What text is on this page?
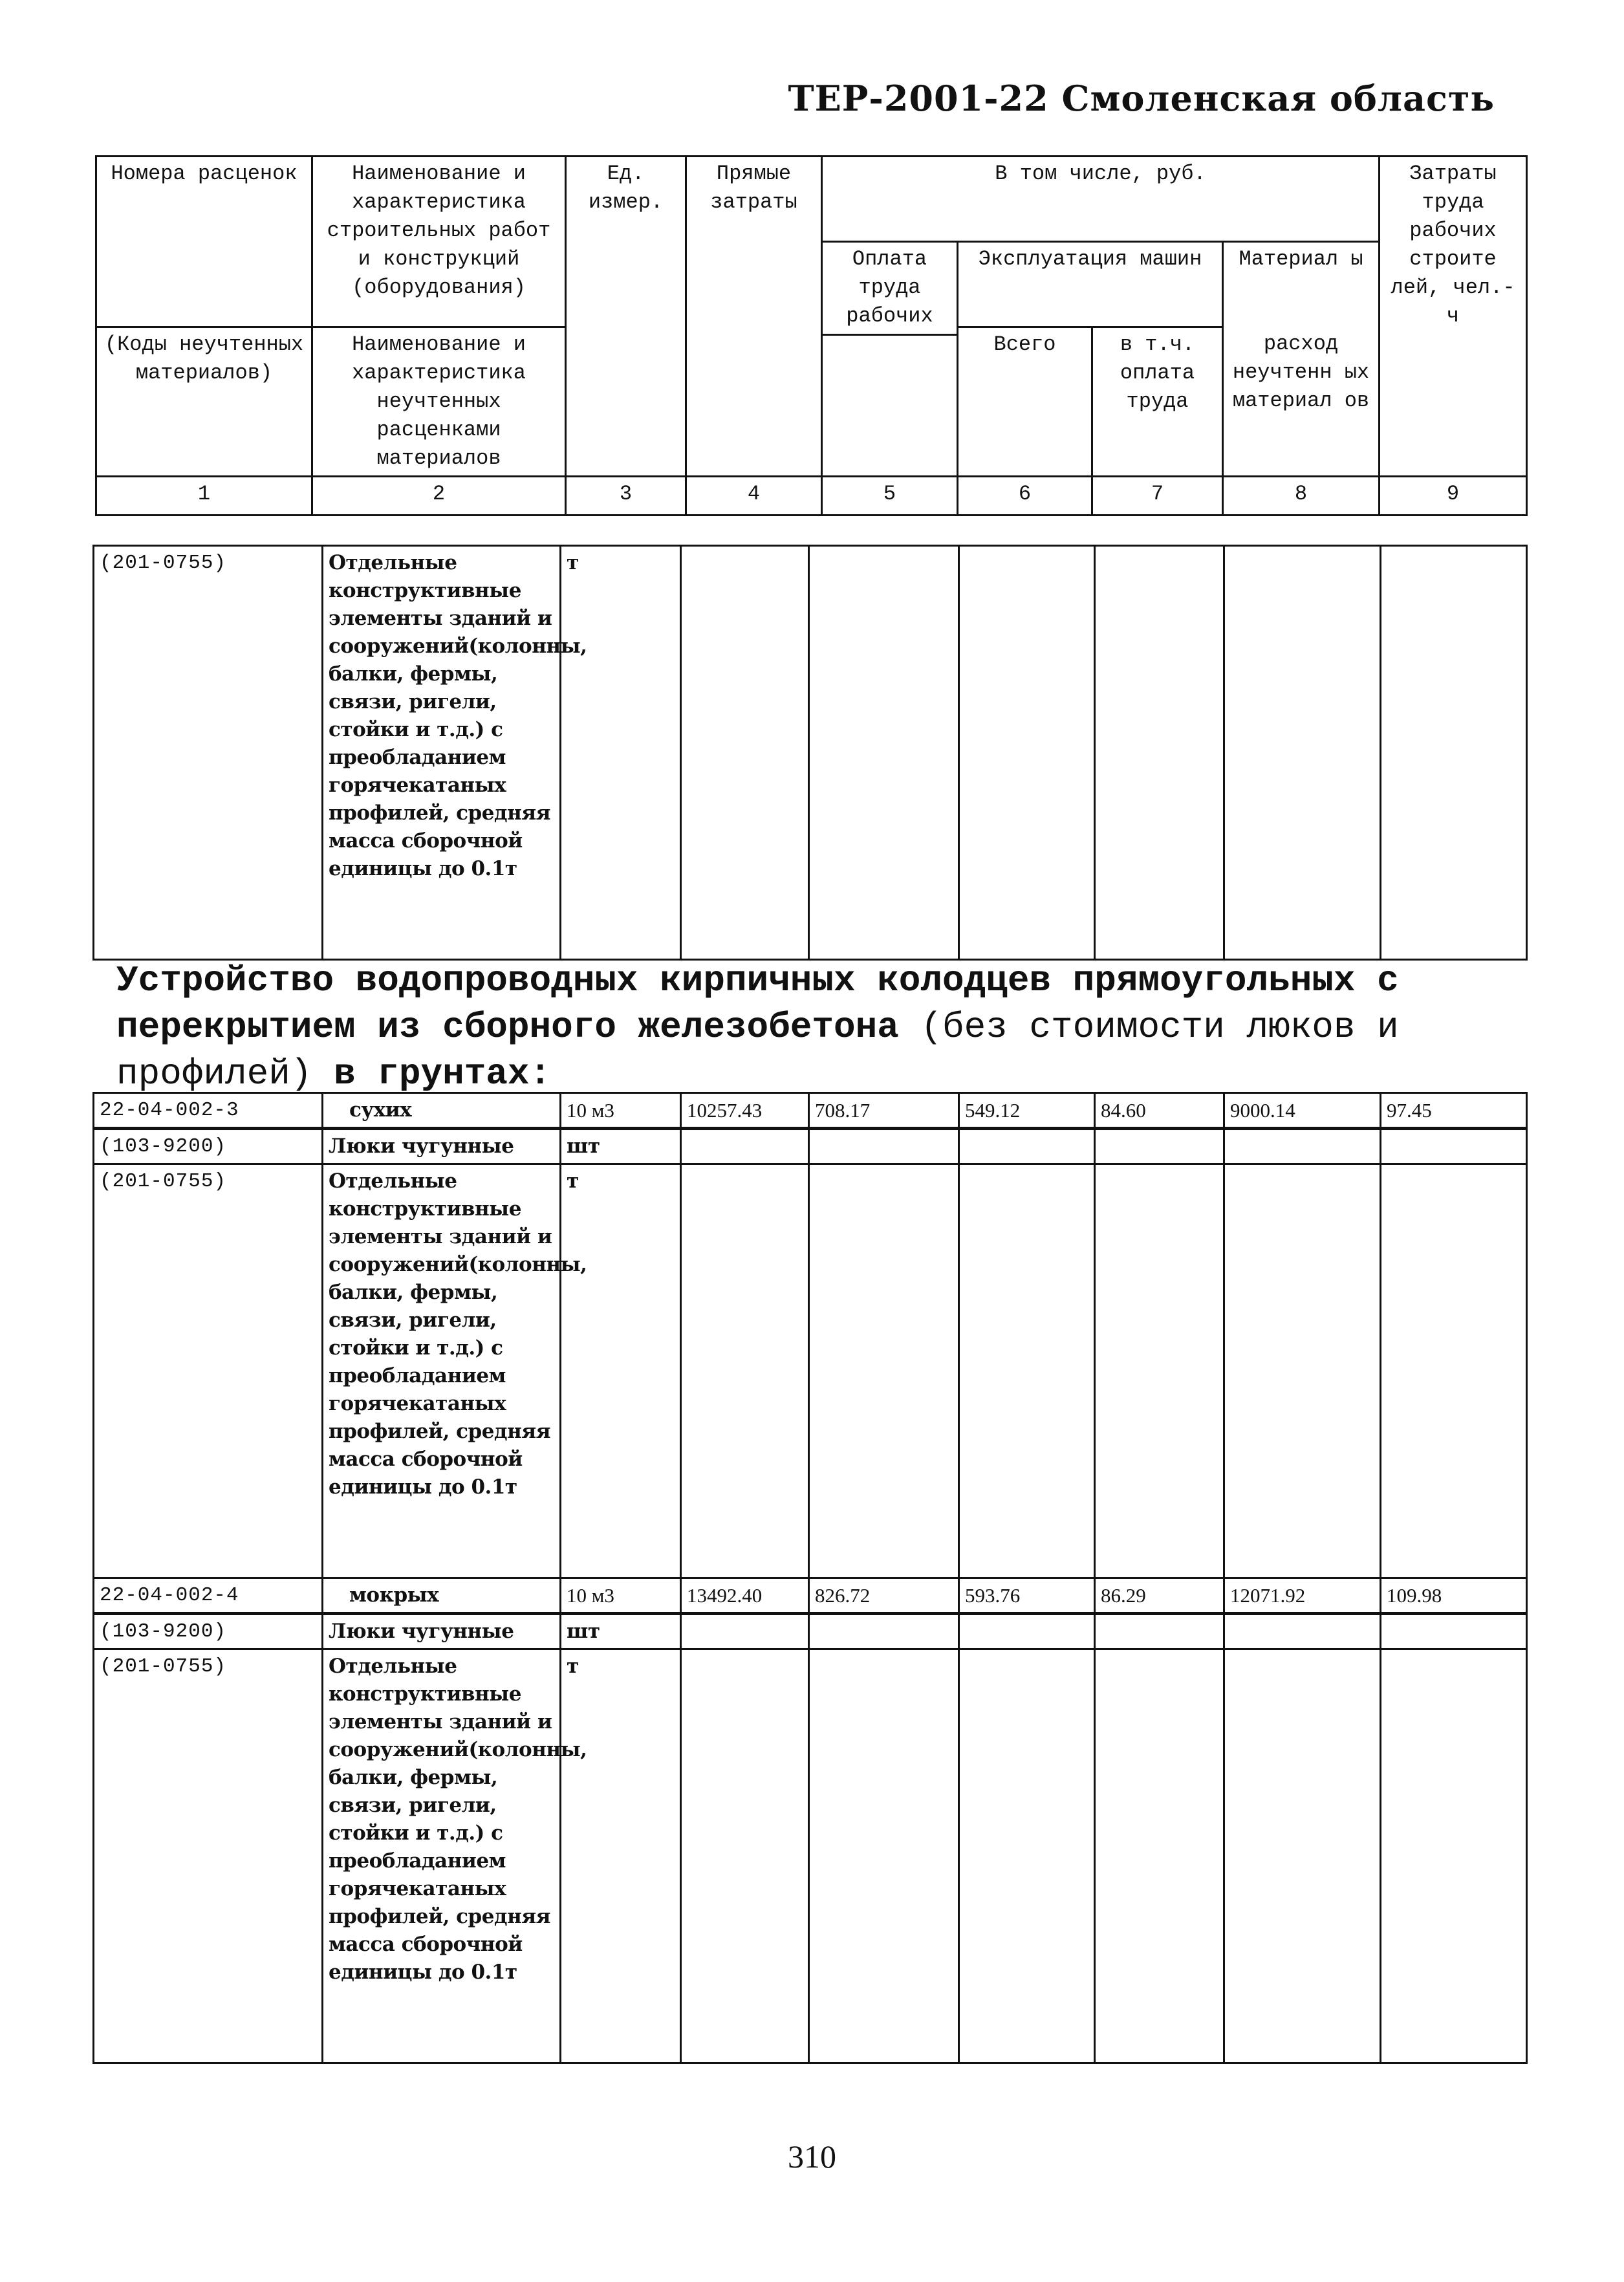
ТЕР-2001-22 Смоленская область
Номера расценок	Наименование и характеристика строительных работ и конструкций (оборудования)	Ед. измер.	Прямые затраты	В том числе, руб.				Затраты труда рабочих строите лей, чел.-ч
				Оплата труда рабочих	Эксплуатация машин		Материал ы	
(Коды неучтенных материалов)	Наименование и характеристика неучтенных расценками материалов				Всего	в т.ч. оплата труда	расход неучтенн ых материал ов	

1	2	3	4	5	6	7	8	9
(201-0755)	Отдельные конструктивные элементы зданий и сооружений(колонны, балки, фермы, связи, ригели, стойки и т.д.) с преобладанием горячекатаных профилей, средняя масса сборочной единицы до 0.1т	т						
Устройство водопроводных кирпичных колодцев прямоугольных с перекрытием из сборного железобетона (без стоимости люков и профилей) в грунтах:
22-04-002-3	сухих	10 м3	10257.43	708.17	549.12	84.60	9000.14	97.45
(103-9200)	Люки чугунные	шт						
(201-0755)	Отдельные конструктивные элементы зданий и сооружений(колонны, балки, фермы, связи, ригели, стойки и т.д.) с преобладанием горячекатаных профилей, средняя масса сборочной единицы до 0.1т	т						
22-04-002-4	мокрых	10 м3	13492.40	826.72	593.76	86.29	12071.92	109.98
(103-9200)	Люки чугунные	шт						
(201-0755)	Отдельные конструктивные элементы зданий и сооружений(колонны, балки, фермы, связи, ригели, стойки и т.д.) с преобладанием горячекатаных профилей, средняя масса сборочной единицы до 0.1т	т						
310
